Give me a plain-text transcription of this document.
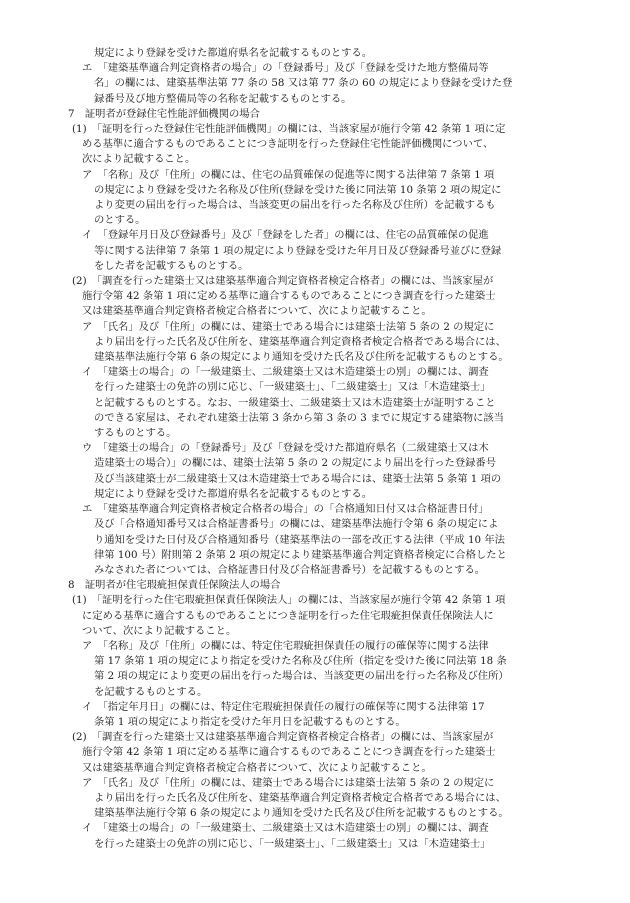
規定により登録を受けた都道府県名を記載するものとする。
エ　「建築基準適合判定資格者の場合」の「登録番号」及び「登録を受けた地方整備局等
名」の欄には、建築基準法第 77 条の 58 又は第 77 条の 60 の規定により登録を受けた登
録番号及び地方整備局等の名称を記載するものとする。
7　証明者が登録住宅性能評価機関の場合
(1)　「証明を行った登録住宅性能評価機関」の欄には、当該家屋が施行令第 42 条第 1 項に定
める基準に適合するものであることにつき証明を行った登録住宅性能評価機関について、
次により記載すること。
ア　「名称」及び「住所」の欄には、住宅の品質確保の促進等に関する法律第 7 条第 1 項
の規定により登録を受けた名称及び住所(登録を受けた後に同法第 10 条第 2 項の規定に
より変更の届出を行った場合は、当該変更の届出を行った名称及び住所）を記載するも
のとする。
イ　「登録年月日及び登録番号」及び「登録をした者」の欄には、住宅の品質確保の促進
等に関する法律第 7 条第 1 項の規定により登録を受けた年月日及び登録番号並びに登録
をした者を記載するものとする。
(2)　「調査を行った建築士又は建築基準適合判定資格者検定合格者」の欄には、当該家屋が
施行令第 42 条第 1 項に定める基準に適合するものであることにつき調査を行った建築士
又は建築基準適合判定資格者検定合格者について、次により記載すること。
ア　「氏名」及び「住所」の欄には、建築士である場合には建築士法第 5 条の 2 の規定に
より届出を行った氏名及び住所を、建築基準適合判定資格者検定合格者である場合には、
建築基準法施行令第 6 条の規定により通知を受けた氏名及び住所を記載するものとする。
イ　「建築士の場合」の「一級建築士、二級建築士又は木造建築士の別」の欄には、調査
を行った建築士の免許の別に応じ、「一級建築士」、「二級建築士」又は「木造建築士」
と記載するものとする。なお、一級建築士、二級建築士又は木造建築士が証明すること
のできる家屋は、それぞれ建築士法第 3 条から第 3 条の 3 までに規定する建築物に該当
するものとする。
ウ　「建築士の場合」の「登録番号」及び「登録を受けた都道府県名（二級建築士又は木
造建築士の場合）」の欄には、建築士法第 5 条の 2 の規定により届出を行った登録番号
及び当該建築士が二級建築士又は木造建築士である場合には、建築士法第 5 条第 1 項の
規定により登録を受けた都道府県名を記載するものとする。
エ　「建築基準適合判定資格者検定合格者の場合」の「合格通知日付又は合格証書日付」
及び「合格通知番号又は合格証書番号」の欄には、建築基準法施行令第 6 条の規定によ
り通知を受けた日付及び合格通知番号（建築基準法の一部を改正する法律（平成 10 年法
律第 100 号）附則第 2 条第 2 項の規定により建築基準適合判定資格者検定に合格したと
みなされた者については、合格証書日付及び合格証書番号）を記載するものとする。
8　証明者が住宅瑕疵担保責任保険法人の場合
(1)　「証明を行った住宅瑕疵担保責任保険法人」の欄には、当該家屋が施行令第 42 条第 1 項
に定める基準に適合するものであることにつき証明を行った住宅瑕疵担保責任保険法人に
ついて、次により記載すること。
ア　「名称」及び「住所」の欄には、特定住宅瑕疵担保責任の履行の確保等に関する法律
第 17 条第 1 項の規定により指定を受けた名称及び住所（指定を受けた後に同法第 18 条
第 2 項の規定により変更の届出を行った場合は、当該変更の届出を行った名称及び住所）
を記載するものとする。
イ　「指定年月日」の欄には、特定住宅瑕疵担保責任の履行の確保等に関する法律第 17
条第 1 項の規定により指定を受けた年月日を記載するものとする。
(2)　「調査を行った建築士又は建築基準適合判定資格者検定合格者」の欄には、当該家屋が
施行令第 42 条第 1 項に定める基準に適合するものであることにつき調査を行った建築士
又は建築基準適合判定資格者検定合格者について、次により記載すること。
ア　「氏名」及び「住所」の欄には、建築士である場合には建築士法第 5 条の 2 の規定に
より届出を行った氏名及び住所を、建築基準適合判定資格者検定合格者である場合には、
建築基準法施行令第 6 条の規定により通知を受けた氏名及び住所を記載するものとする。
イ　「建築士の場合」の「一級建築士、二級建築士又は木造建築士の別」の欄には、調査
を行った建築士の免許の別に応じ、「一級建築士」、「二級建築士」又は「木造建築士」
